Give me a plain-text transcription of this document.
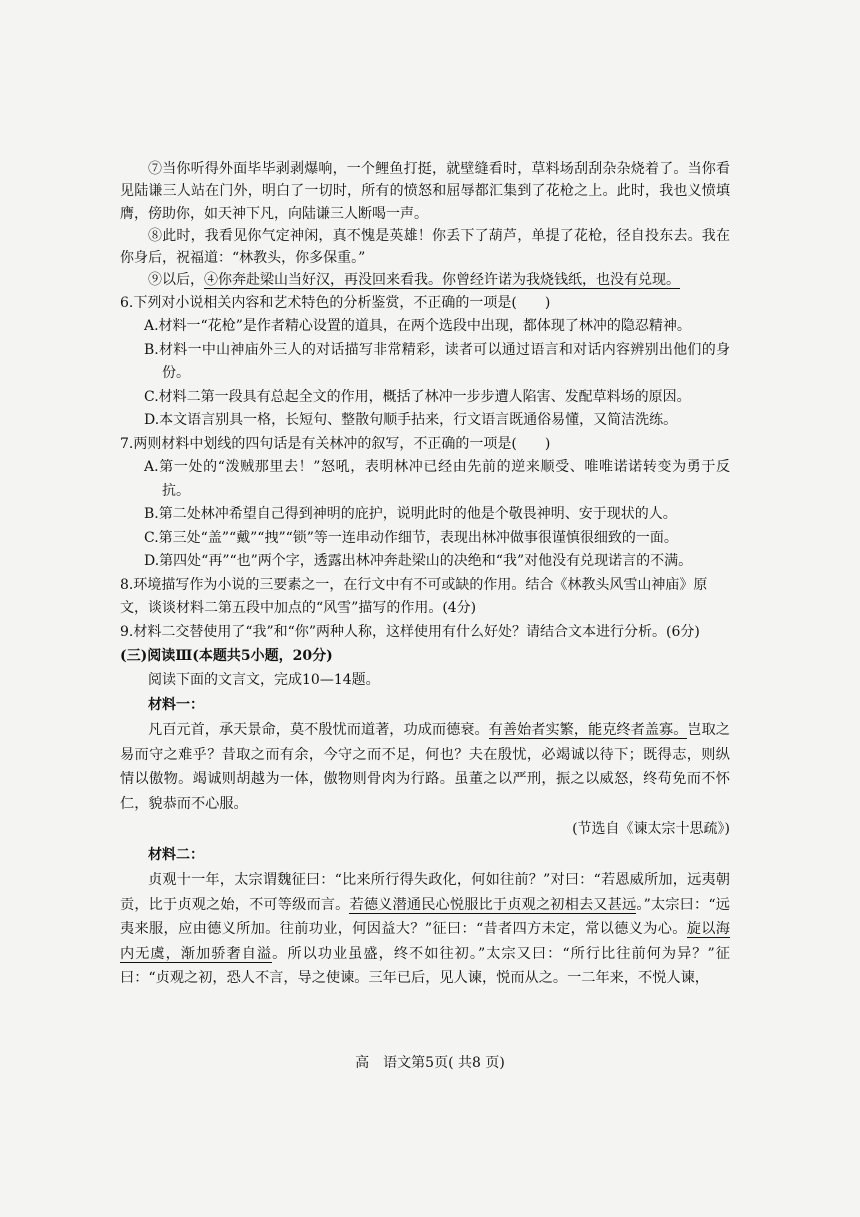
⑦当你听得外面毕毕剥剥爆响，一个鲤鱼打挺，就壁缝看时，草料场刮刮杂杂烧着了。当你看见陆谦三人站在门外，明白了一切时，所有的愤怒和屈辱都汇集到了花枪之上。此时，我也义愤填膺，傍助你，如天神下凡，向陆谦三人断喝一声。

⑧此时，我看见你气定神闲，真不愧是英雄！你丢下了葫芦，单提了花枪，径自投东去。我在你身后，祝福道：“林教头，你多保重。”

⑨以后，④你奔赴梁山当好汉，再没回来看我。你曾经许诺为我烧钱纸，也没有兑现。

6.下列对小说相关内容和艺术特色的分析鉴赏，不正确的一项是(　　)

A.材料一“花枪”是作者精心设置的道具，在两个选段中出现，都体现了林冲的隐忍精神。

B.材料一中山神庙外三人的对话描写非常精彩，读者可以通过语言和对话内容辨别出他们的身份。

C.材料二第一段具有总起全文的作用，概括了林冲一步步遭人陷害、发配草料场的原因。

D.本文语言别具一格，长短句、整散句顺手拈来，行文语言既通俗易懂，又简洁洗练。

7.两则材料中划线的四句话是有关林冲的叙写，不正确的一项是(　　)

A.第一处的“泼贼那里去！”怒吼，表明林冲已经由先前的逆来顺受、唯唯诺诺转变为勇于反抗。

B.第二处林冲希望自己得到神明的庇护，说明此时的他是个敬畏神明、安于现状的人。

C.第三处“盖”“戴”“拽”“锁”等一连串动作细节，表现出林冲做事很谨慎很细致的一面。

D.第四处“再”“也”两个字，透露出林冲奔赴梁山的决绝和“我”对他没有兑现诺言的不满。

8.环境描写作为小说的三要素之一，在行文中有不可或缺的作用。结合《林教头风雪山神庙》原文，谈谈材料二第五段中加点的“风雪”描写的作用。(4分)

9.材料二交替使用了“我”和“你”两种人称，这样使用有什么好处？请结合文本进行分析。(6分)

(三)阅读Ⅲ(本题共5小题，20分)

阅读下面的文言文，完成10—14题。

材料一：

凡百元首，承天景命，莫不殷忧而道著，功成而德衰。有善始者实繁，能克终者盖寡。岂取之易而守之难乎？昔取之而有余，今守之而不足，何也？夫在殷忧，必竭诚以待下；既得志，则纵情以傲物。竭诚则胡越为一体，傲物则骨肉为行路。虽董之以严刑，振之以威怒，终苟免而不怀仁，貌恭而不心服。

(节选自《谏太宗十思疏》)

材料二：

贞观十一年，太宗谓魏征曰：“比来所行得失政化，何如往前？”对曰：“若恩威所加，远夷朝贡，比于贞观之始，不可等级而言。若德义潜通民心悦服比于贞观之初相去又甚远。”太宗曰：“远夷来服，应由德义所加。往前功业，何因益大？”征曰：“昔者四方未定，常以德义为心。旋以海内无虞，渐加骄奢自溢。所以功业虽盛，终不如往初。”太宗又曰：“所行比往前何为异？”征曰：“贞观之初，恐人不言，导之使谏。三年已后，见人谏，悦而从之。一二年来，不悦人谏，

高　语文第5页( 共8 页)
